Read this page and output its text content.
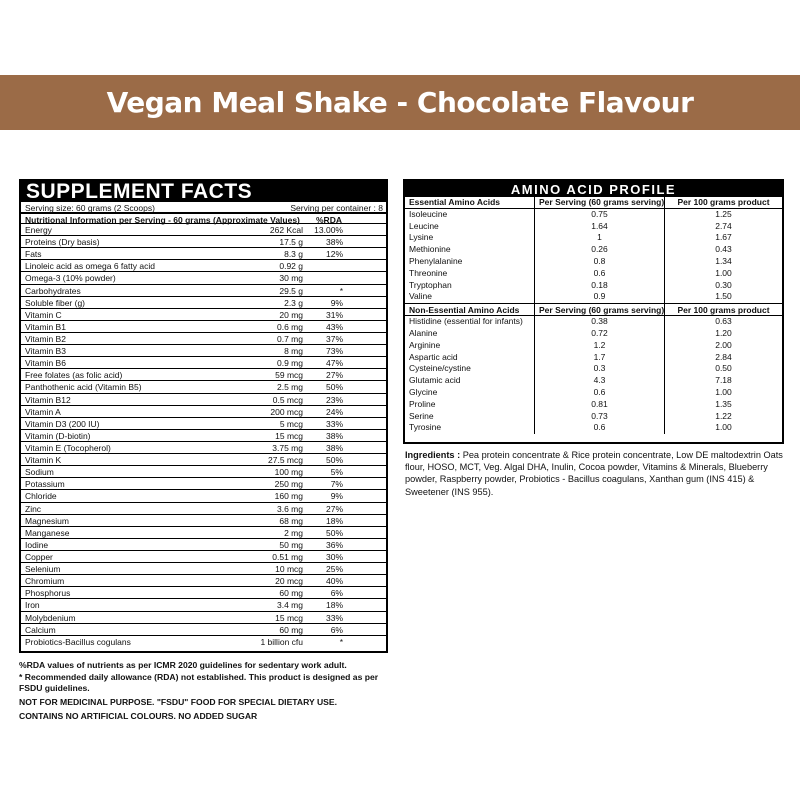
Vegan Meal Shake - Chocolate Flavour
SUPPLEMENT FACTS
Serving size: 60 grams (2 Scoops)	Serving per container : 8
Nutritional Information per Serving - 60 grams (Approximate Values)	%RDA
Energy	262 Kcal	13.00%
Proteins (Dry basis)	17.5 g	38%
Fats	8.3 g	12%
Linoleic acid as omega 6 fatty acid	0.92 g
Omega-3 (10% powder)	30 mg
Carbohydrates	29.5 g	*
Soluble fiber (g)	2.3 g	9%
Vitamin C	20 mg	31%
Vitamin B1	0.6 mg	43%
Vitamin B2	0.7 mg	37%
Vitamin B3	8 mg	73%
Vitamin B6	0.9 mg	47%
Free folates (as folic acid)	59 mcg	27%
Panthothenic acid (Vitamin B5)	2.5 mg	50%
Vitamin B12	0.5 mcg	23%
Vitamin A	200 mcg	24%
Vitamin D3 (200 IU)	5 mcg	33%
Vitamin (D-biotin)	15 mcg	38%
Vitamin E (Tocopherol)	3.75 mg	38%
Vitamin K	27.5 mcg	50%
Sodium	100 mg	5%
Potassium	250 mg	7%
Chloride	160 mg	9%
Zinc	3.6 mg	27%
Magnesium	68 mg	18%
Manganese	2 mg	50%
Iodine	50 mg	36%
Copper	0.51 mg	30%
Selenium	10 mcg	25%
Chromium	20 mcg	40%
Phosphorus	60 mg	6%
Iron	3.4 mg	18%
Molybdenium	15 mcg	33%
Calcium	60 mg	6%
Probiotics-Bacillus cogulans	1 billion cfu	*

%RDA values of nutrients as per ICMR 2020 guidelines for sedentary work adult.

* Recommended daily allowance (RDA) not established. This product is designed as per FSDU guidelines.

NOT FOR MEDICINAL PURPOSE. "FSDU" FOOD FOR SPECIAL DIETARY USE.

CONTAINS NO ARTIFICIAL COLOURS. NO ADDED SUGAR

AMINO ACID PROFILE
Essential Amino Acids	Per Serving (60 grams serving)	Per 100 grams product
Isoleucine	0.75	1.25
Leucine	1.64	2.74
Lysine	1	1.67
Methionine	0.26	0.43
Phenylalanine	0.8	1.34
Threonine	0.6	1.00
Tryptophan	0.18	0.30
Valine	0.9	1.50
Non-Essential Amino Acids	Per Serving (60 grams serving)	Per 100 grams product
Histidine (essential for infants)	0.38	0.63
Alanine	0.72	1.20
Arginine	1.2	2.00
Aspartic acid	1.7	2.84
Cysteine/cystine	0.3	0.50
Glutamic acid	4.3	7.18
Glycine	0.6	1.00
Proline	0.81	1.35
Serine	0.73	1.22
Tyrosine	0.6	1.00
Ingredients : Pea protein concentrate & Rice protein concentrate, Low DE maltodextrin Oats flour, HOSO, MCT, Veg. Algal DHA, Inulin, Cocoa powder, Vitamins & Minerals, Blueberry powder, Raspberry powder, Probiotics - Bacillus coagulans, Xanthan gum (INS 415) & Sweetener (INS 955).
